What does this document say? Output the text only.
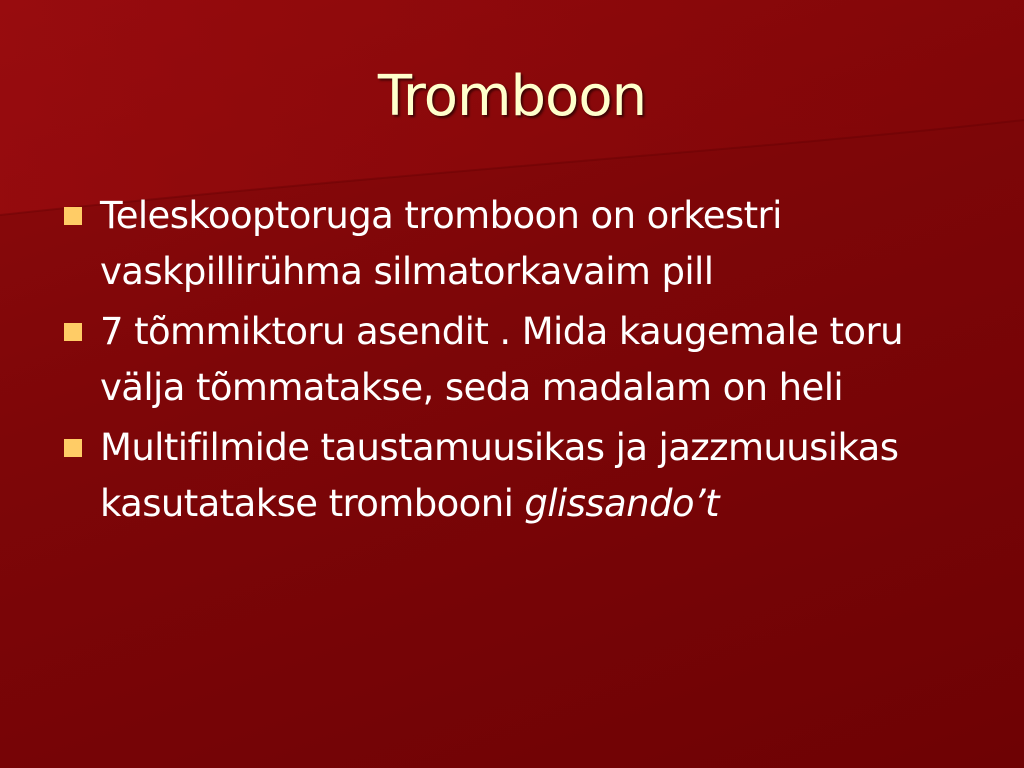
Tromboon
Teleskooptoruga tromboon on orkestri vaskpillirühma silmatorkavaim pill
7 tõmmiktoru asendit . Mida kaugemale toru välja tõmmatakse, seda madalam on heli
Multifilmide taustamuusikas ja jazzmuusikas kasutatakse trombooni glissando’t
